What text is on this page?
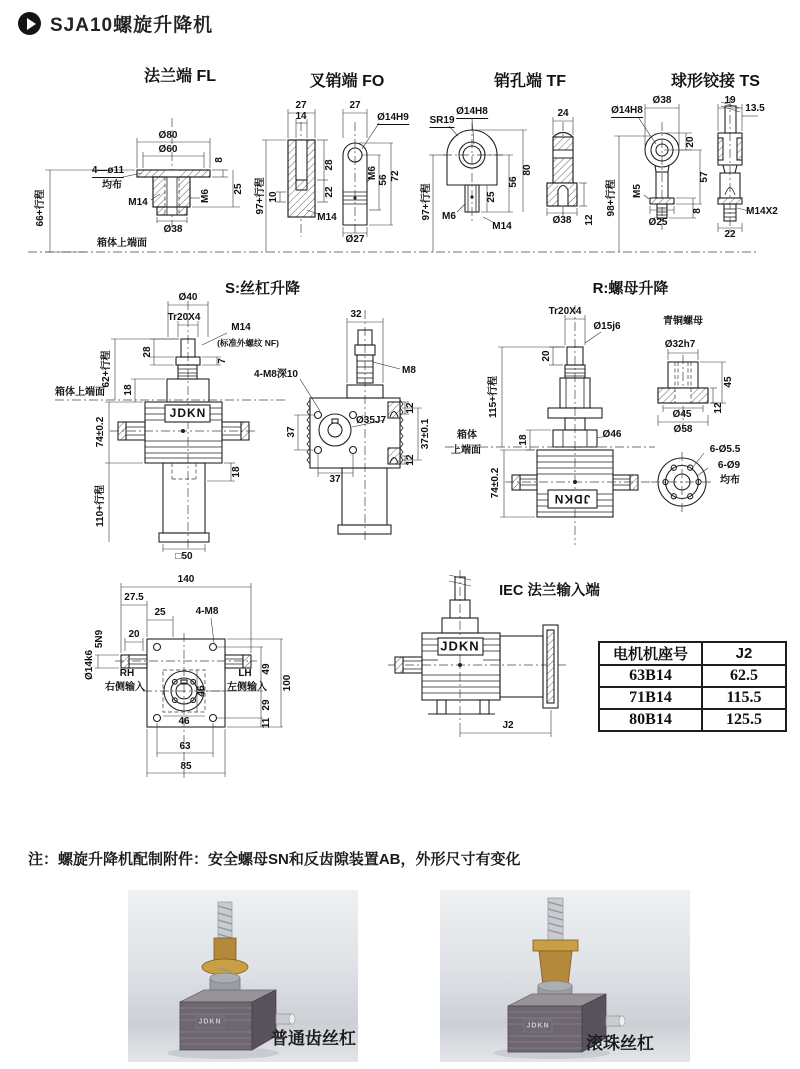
SJA10螺旋升降机
法兰端 FL	叉销端 FO	销孔端 TF	球形铰接 TS
S:丝杠升降	R:螺母升降
IEC 法兰输入端
Ø80
Ø60
8
25
4—ø11
均布
M14	M6
Ø38
66+行程
箱体上端面
27
14
28
22
10
M14
27
Ø14H9
M6
56 72
Ø27
97+行程
SR19
Ø14H8
80
56
25
M6
M14
97+行程
24
Ø38 12
Ø38
Ø14H8
20
57
M5
Ø25
8
98+行程
19
13.5
M14X2
22
Ø40
Tr20X4
M14
(标准外螺纹 NF)
28
7
18
62+行程
箱体上端面
74±0.2
JDKN
18
110+行程
□50
32
M8
4-M8深10
Ø35J7
37
37
12
37±0.1
12
Tr20X4
Ø15j6
20
115+行程
箱体
上端面
18	Ø46
74±0.2
JDKN
青铜螺母
Ø32h7
45
Ø45
12
Ø58
6-Ø5.5
6-Ø9
均布
140
27.5
25	4-M8
20
5N9
Ø14k6 RH
右侧输入
LH
左侧输入
46
46
49
100
29
11
63
85
JDKN
J2
电机机座号	J2
63B14	62.5
71B14	115.5
80B14	125.5
注：螺旋升降机配制附件：安全螺母SN和反齿隙装置AB，外形尺寸有变化
JDKN
JDKN
普通齿丝杠	滚珠丝杠
